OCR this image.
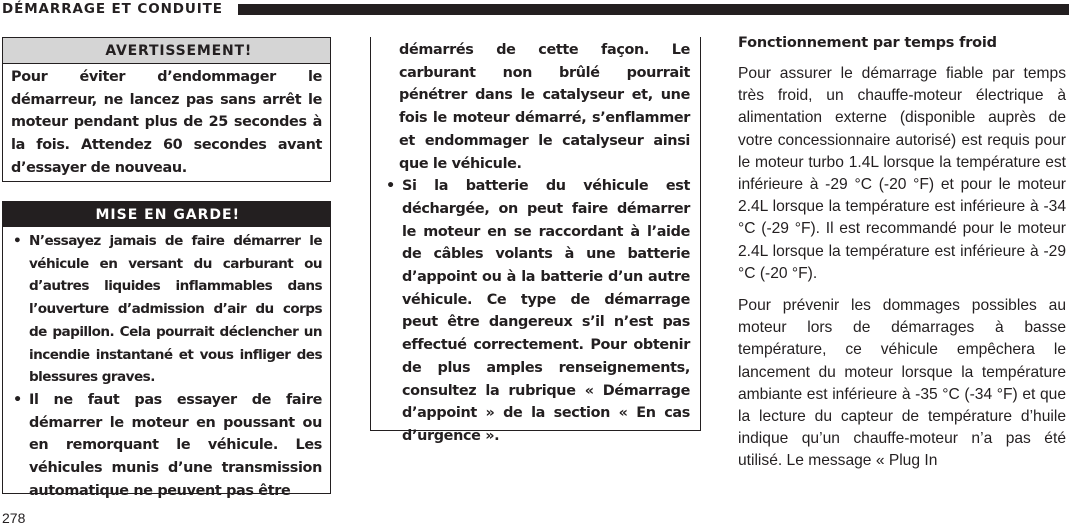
DÉMARRAGE ET CONDUITE
AVERTISSEMENT!

Pour éviter d’endommager le démarreur, ne lancez pas sans arrêt le moteur pendant plus de 25 secondes à la fois. Attendez 60 secondes avant d’essayer de nouveau.

MISE EN GARDE!
• N’essayez jamais de faire démarrer le véhicule en versant du carburant ou d’autres liquides inflammables dans l’ouverture d’admission d’air du corps de papillon. Cela pourrait déclencher un incendie instantané et vous infliger des blessures graves.
• Il ne faut pas essayer de faire démarrer le moteur en poussant ou en remorquant le véhicule. Les véhicules munis d’une transmission automatique ne peuvent pas être

démarrés de cette façon. Le carburant non brûlé pourrait pénétrer dans le catalyseur et, une fois le moteur démarré, s’enflammer et endommager le catalyseur ainsi que le véhicule.

• Si la batterie du véhicule est déchargée, on peut faire démarrer le moteur en se raccordant à l’aide de câbles volants à une batterie d’appoint ou à la batterie d’un autre véhicule. Ce type de démarrage peut être dangereux s’il n’est pas effectué correctement. Pour obtenir de plus amples renseignements, consultez la rubrique « Démarrage d’appoint » de la section « En cas d’urgence ».
Fonctionnement par temps froid

Pour assurer le démarrage fiable par temps très froid, un chauffe-moteur électrique à alimentation externe (disponible auprès de votre concessionnaire autorisé) est requis pour le moteur turbo 1.4L lorsque la température est inférieure à -29 °C (-20 °F) et pour le moteur 2.4L lorsque la température est inférieure à -34 °C (-29 °F). Il est recommandé pour le moteur 2.4L lorsque la température est inférieure à -29 °C (-20 °F).

Pour prévenir les dommages possibles au moteur lors de démarrages à basse température, ce véhicule empêchera le lancement du moteur lorsque la température ambiante est inférieure à -35 °C (-34 °F) et que la lecture du capteur de température d’huile indique qu’un chauffe-moteur n’a pas été utilisé. Le message « Plug In

278
